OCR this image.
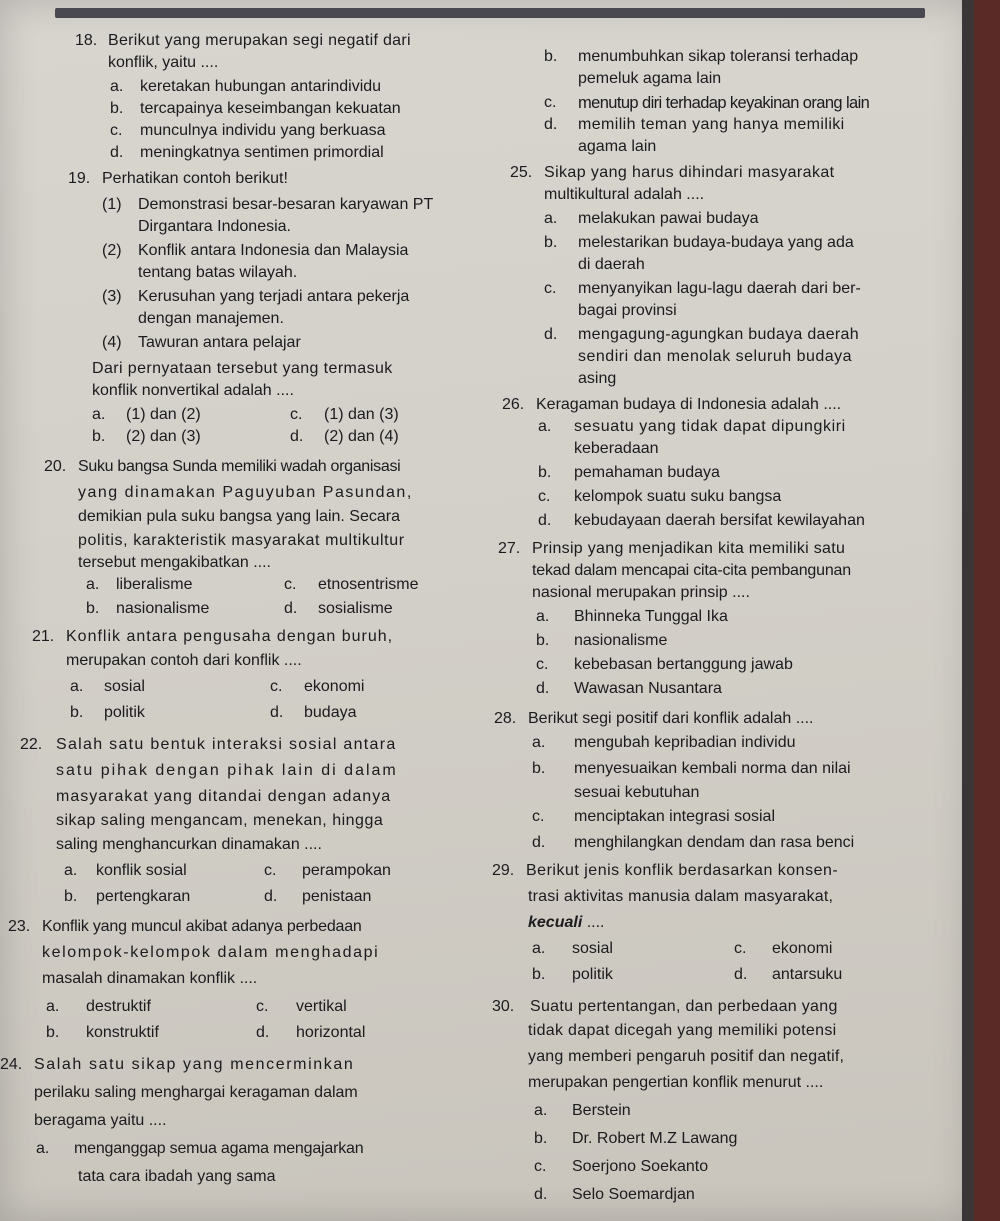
18. Berikut yang merupakan segi negatif dari
konflik, yaitu ....
a. keretakan hubungan antarindividu
b. tercapainya keseimbangan kekuatan
c. munculnya individu yang berkuasa
d. meningkatnya sentimen primordial
19. Perhatikan contoh berikut!
(1) Demonstrasi besar-besaran karyawan PT
Dirgantara Indonesia.
(2) Konflik antara Indonesia dan Malaysia
tentang batas wilayah.
(3) Kerusuhan yang terjadi antara pekerja
dengan manajemen.
(4) Tawuran antara pelajar
Dari pernyataan tersebut yang termasuk
konflik nonvertikal adalah ....
a. (1) dan (2)	c. (1) dan (3)
b. (2) dan (3)	d. (2) dan (4)
20. Suku bangsa Sunda memiliki wadah organisasi
yang dinamakan Paguyuban Pasundan,
demikian pula suku bangsa yang lain. Secara
politis, karakteristik masyarakat multikultur
tersebut mengakibatkan ....
a. liberalisme	c. etnosentrisme
b. nasionalisme	d. sosialisme
21. Konflik antara pengusaha dengan buruh,
merupakan contoh dari konflik ....
a. sosial	c. ekonomi
b. politik	d. budaya
22. Salah satu bentuk interaksi sosial antara
satu pihak dengan pihak lain di dalam
masyarakat yang ditandai dengan adanya
sikap saling mengancam, menekan, hingga
saling menghancurkan dinamakan ....
a. konflik sosial	c. perampokan
b. pertengkaran	d. penistaan
23. Konflik yang muncul akibat adanya perbedaan
kelompok-kelompok dalam menghadapi
masalah dinamakan konflik ....
a. destruktif	c. vertikal
b. konstruktif	d. horizontal
24. Salah satu sikap yang mencerminkan
perilaku saling menghargai keragaman dalam
beragama yaitu ....
a. menganggap semua agama mengajarkan
tata cara ibadah yang sama
b. menumbuhkan sikap toleransi terhadap
pemeluk agama lain
c. menutup diri terhadap keyakinan orang lain
d. memilih teman yang hanya memiliki
agama lain
25. Sikap yang harus dihindari masyarakat
multikultural adalah ....
a. melakukan pawai budaya
b. melestarikan budaya-budaya yang ada
di daerah
c. menyanyikan lagu-lagu daerah dari ber-
bagai provinsi
d. mengagung-agungkan budaya daerah
sendiri dan menolak seluruh budaya
asing
26. Keragaman budaya di Indonesia adalah ....
a. sesuatu yang tidak dapat dipungkiri
keberadaan
b. pemahaman budaya
c. kelompok suatu suku bangsa
d. kebudayaan daerah bersifat kewilayahan
27. Prinsip yang menjadikan kita memiliki satu
tekad dalam mencapai cita-cita pembangunan
nasional merupakan prinsip ....
a. Bhinneka Tunggal Ika
b. nasionalisme
c. kebebasan bertanggung jawab
d. Wawasan Nusantara
28. Berikut segi positif dari konflik adalah ....
a. mengubah kepribadian individu
b. menyesuaikan kembali norma dan nilai
sesuai kebutuhan
c. menciptakan integrasi sosial
d. menghilangkan dendam dan rasa benci
29. Berikut jenis konflik berdasarkan konsen-
trasi aktivitas manusia dalam masyarakat,
kecuali ....
a. sosial	c. ekonomi
b. politik	d. antarsuku
30. Suatu pertentangan, dan perbedaan yang
tidak dapat dicegah yang memiliki potensi
yang memberi pengaruh positif dan negatif,
merupakan pengertian konflik menurut ....
a. Berstein
b. Dr. Robert M.Z Lawang
c. Soerjono Soekanto
d. Selo Soemardjan
